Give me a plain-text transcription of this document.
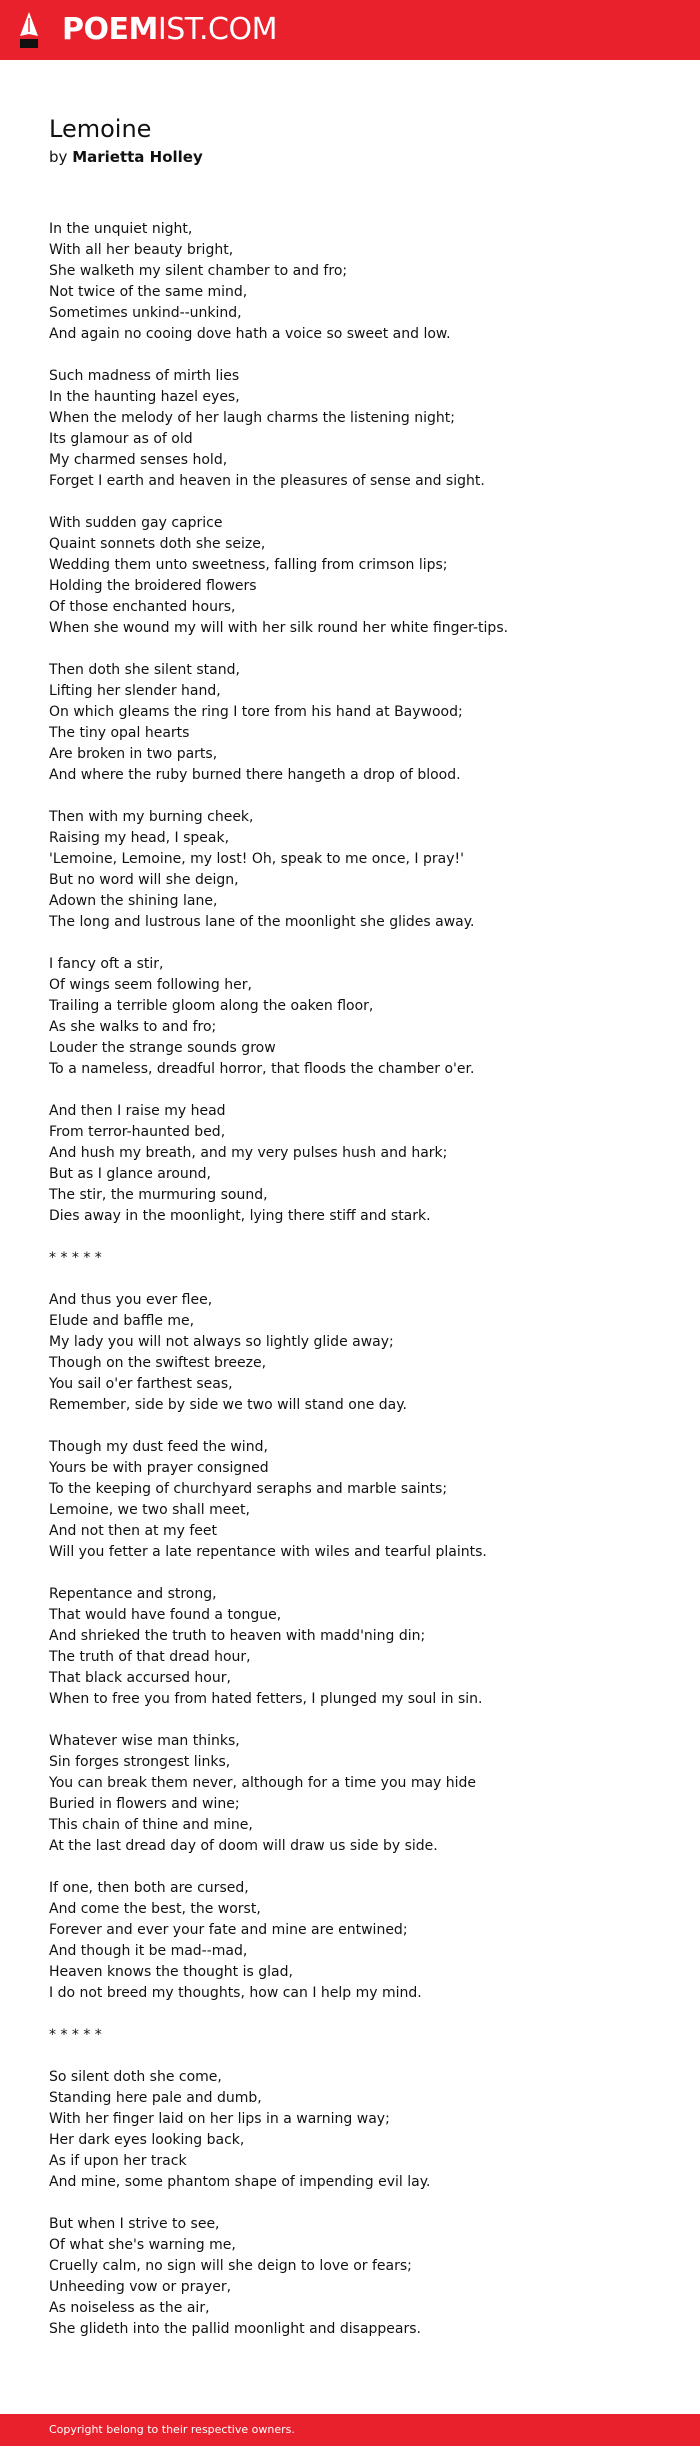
POEMIST.COM
Lemoine
by Marietta Holley
In the unquiet night,
With all her beauty bright,
She walketh my silent chamber to and fro;
Not twice of the same mind,
Sometimes unkind--unkind,
And again no cooing dove hath a voice so sweet and low.
Such madness of mirth lies
In the haunting hazel eyes,
When the melody of her laugh charms the listening night;
Its glamour as of old
My charmed senses hold,
Forget I earth and heaven in the pleasures of sense and sight.
With sudden gay caprice
Quaint sonnets doth she seize,
Wedding them unto sweetness, falling from crimson lips;
Holding the broidered flowers
Of those enchanted hours,
When she wound my will with her silk round her white finger-tips.
Then doth she silent stand,
Lifting her slender hand,
On which gleams the ring I tore from his hand at Baywood;
The tiny opal hearts
Are broken in two parts,
And where the ruby burned there hangeth a drop of blood.
Then with my burning cheek,
Raising my head, I speak,
'Lemoine, Lemoine, my lost! Oh, speak to me once, I pray!'
But no word will she deign,
Adown the shining lane,
The long and lustrous lane of the moonlight she glides away.
I fancy oft a stir,
Of wings seem following her,
Trailing a terrible gloom along the oaken floor,
As she walks to and fro;
Louder the strange sounds grow
To a nameless, dreadful horror, that floods the chamber o'er.
And then I raise my head
From terror-haunted bed,
And hush my breath, and my very pulses hush and hark;
But as I glance around,
The stir, the murmuring sound,
Dies away in the moonlight, lying there stiff and stark.
* * * * *
And thus you ever flee,
Elude and baffle me,
My lady you will not always so lightly glide away;
Though on the swiftest breeze,
You sail o'er farthest seas,
Remember, side by side we two will stand one day.
Though my dust feed the wind,
Yours be with prayer consigned
To the keeping of churchyard seraphs and marble saints;
Lemoine, we two shall meet,
And not then at my feet
Will you fetter a late repentance with wiles and tearful plaints.
Repentance and strong,
That would have found a tongue,
And shrieked the truth to heaven with madd'ning din;
The truth of that dread hour,
That black accursed hour,
When to free you from hated fetters, I plunged my soul in sin.
Whatever wise man thinks,
Sin forges strongest links,
You can break them never, although for a time you may hide
Buried in flowers and wine;
This chain of thine and mine,
At the last dread day of doom will draw us side by side.
If one, then both are cursed,
And come the best, the worst,
Forever and ever your fate and mine are entwined;
And though it be mad--mad,
Heaven knows the thought is glad,
I do not breed my thoughts, how can I help my mind.
* * * * *
So silent doth she come,
Standing here pale and dumb,
With her finger laid on her lips in a warning way;
Her dark eyes looking back,
As if upon her track
And mine, some phantom shape of impending evil lay.
But when I strive to see,
Of what she's warning me,
Cruelly calm, no sign will she deign to love or fears;
Unheeding vow or prayer,
As noiseless as the air,
She glideth into the pallid moonlight and disappears.
Copyright belong to their respective owners.
